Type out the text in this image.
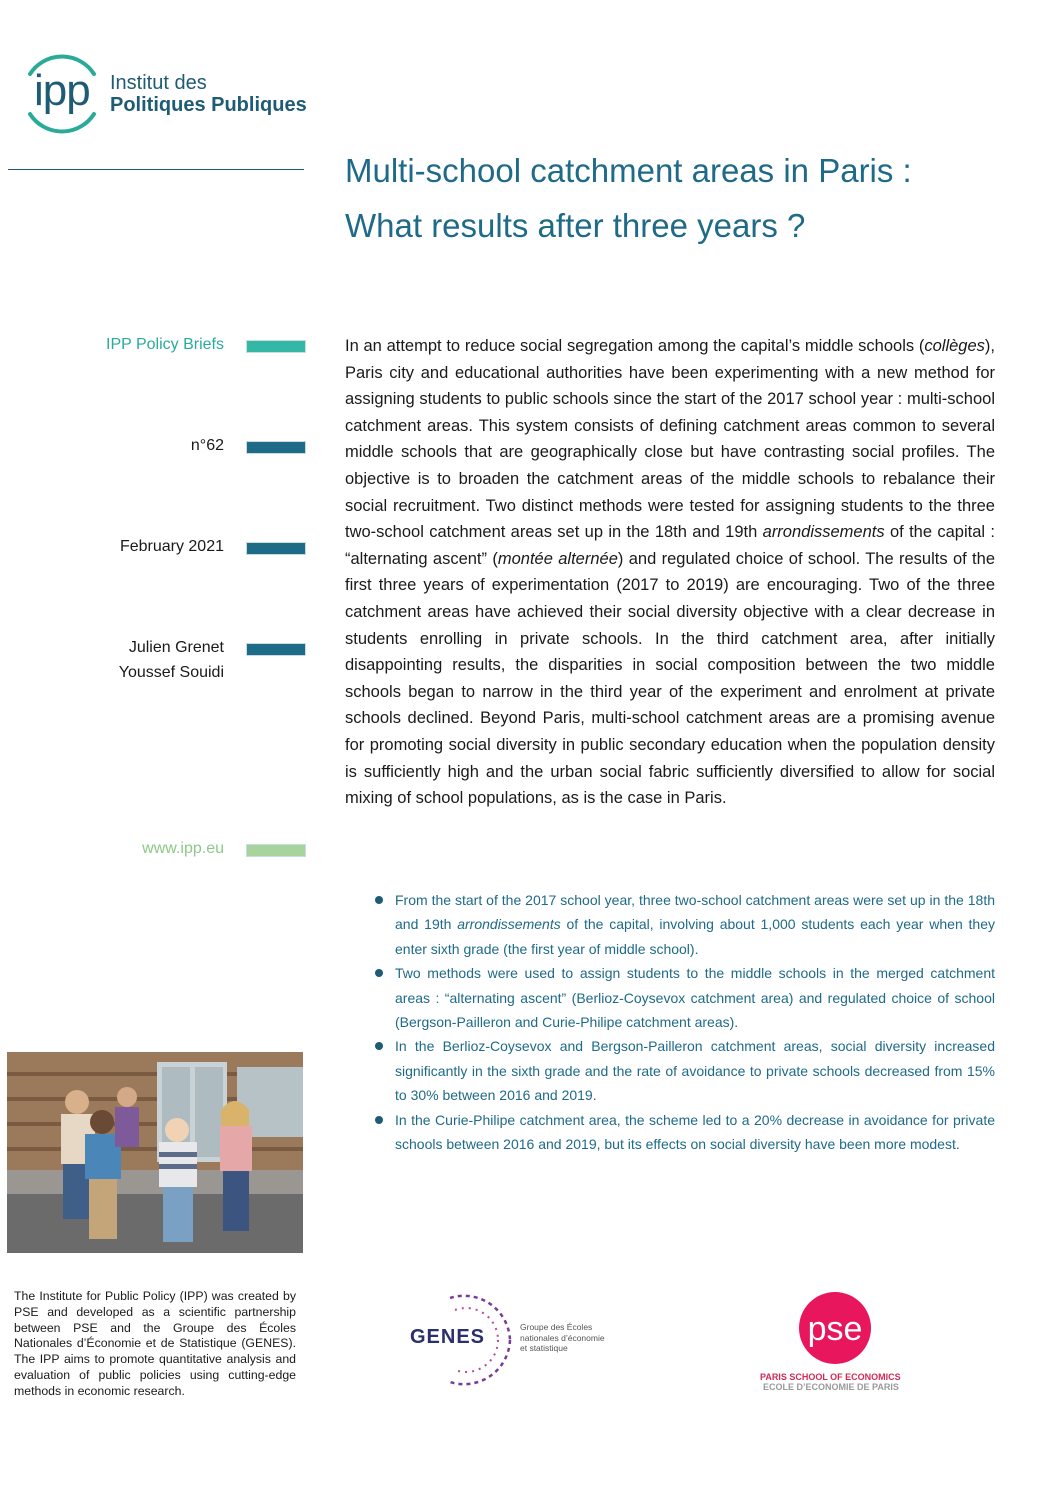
ipp Institut des
Politiques Publiques
Multi-school catchment areas in Paris :
What results after three years ?
IPP Policy Briefs
n°62
February 2021
Julien Grenet
Youssef Souidi
www.ipp.eu
In an attempt to reduce social segregation among the capital’s middle schools (collèges), Paris city and educational authorities have been experimenting with a new method for assigning students to public schools since the start of the 2017 school year : multi-school catchment areas. This system consists of defining catchment areas common to several middle schools that are geographically close but have contrasting social profiles. The objective is to broaden the catchment areas of the middle schools to rebalance their social recruitment. Two distinct methods were tested for assigning students to the three two-school catchment areas set up in the 18th and 19th arrondissements of the capital : “alternating ascent” (montée alternée) and regulated choice of school. The results of the first three years of experimentation (2017 to 2019) are encouraging. Two of the three catchment areas have achieved their social diversity objective with a clear decrease in students enrolling in private schools. In the third catchment area, after initially disappointing results, the disparities in social composition between the two middle schools began to narrow in the third year of the experiment and enrolment at private schools declined. Beyond Paris, multi-school catchment areas are a promising avenue for promoting social diversity in public secondary education when the population density is sufficiently high and the urban social fabric sufficiently diversified to allow for social mixing of school populations, as is the case in Paris.
From the start of the 2017 school year, three two-school catchment areas were set up in the 18th and 19th arrondissements of the capital, involving about 1,000 students each year when they enter sixth grade (the first year of middle school).
Two methods were used to assign students to the middle schools in the merged catchment areas : “alternating ascent” (Berlioz-Coysevox catchment area) and regulated choice of school (Bergson-Pailleron and Curie-Philipe catchment areas).
In the Berlioz-Coysevox and Bergson-Pailleron catchment areas, social diversity increased significantly in the sixth grade and the rate of avoidance to private schools decreased from 15% to 30% between 2016 and 2019.
In the Curie-Philipe catchment area, the scheme led to a 20% decrease in avoidance for private schools between 2016 and 2019, but its effects on social diversity have been more modest.
The Institute for Public Policy (IPP) was created by PSE and developed as a scientific partnership between PSE and the Groupe des Écoles Nationales d’Économie et de Statistique (GENES). The IPP aims to promote quantitative analysis and evaluation of public policies using cutting-edge methods in economic research.
GENES	Groupe des Écoles
nationales d’économie
et statistique	pse
PARIS SCHOOL OF ECONOMICS
ECOLE D’ECONOMIE DE PARIS
